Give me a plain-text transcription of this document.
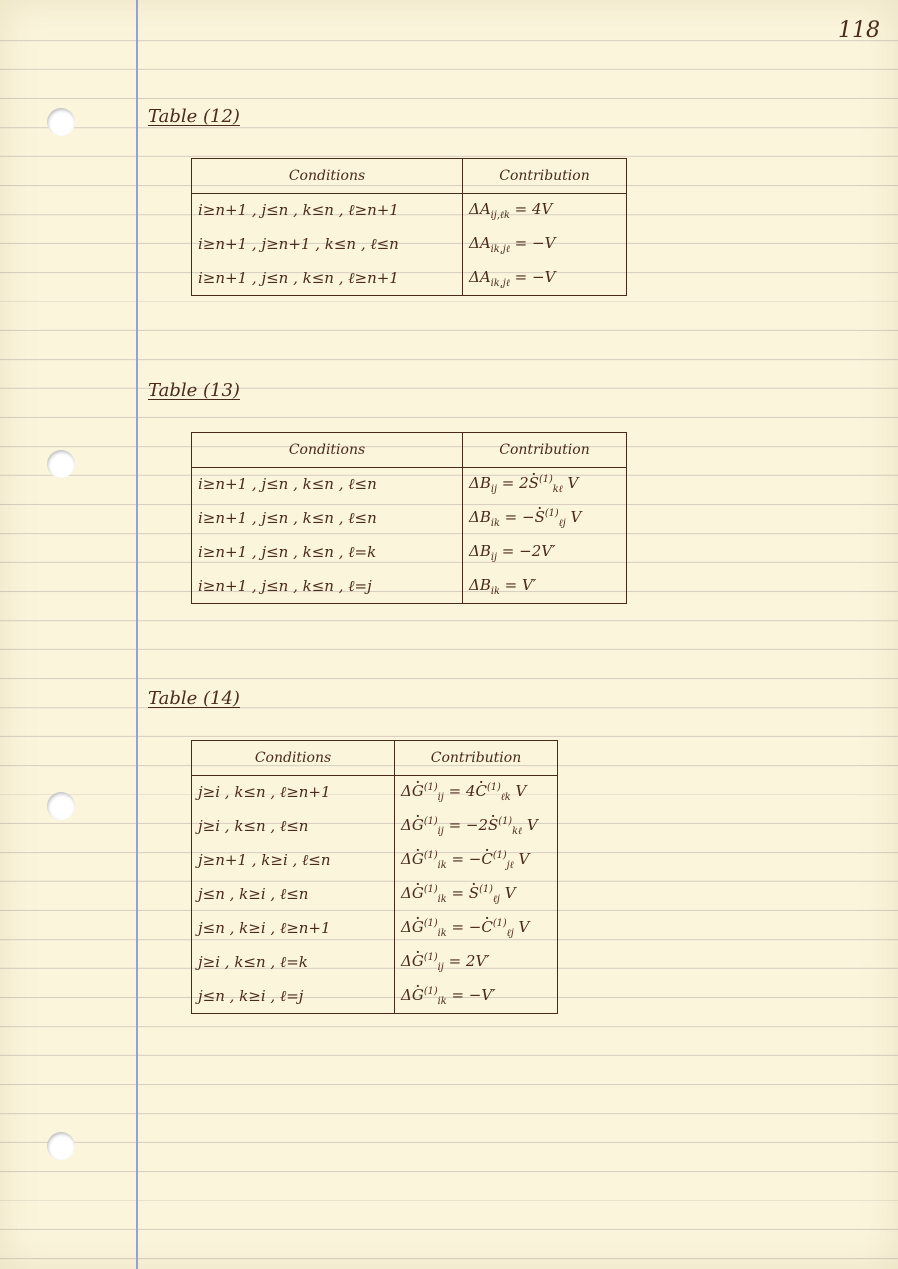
118
Table (12)
Conditions	Contribution
i≥n+1 , j≤n , k≤n , ℓ≥n+1	$\Delta A_{ij,\ell k} = 4V$
i≥n+1 , j≥n+1 , k≤n , ℓ≤n	$\Delta A_{ik,j\ell} = -V$
i≥n+1 , j≤n , k≤n , ℓ≥n+1	$\Delta A_{ik,j\ell} = -V$
Table (13)
Conditions	Contribution
i≥n+1 , j≤n , k≤n , ℓ≤n	$\Delta B_{ij} = 2\cdot S^{(1)}_{k\ell}$ V
i≥n+1 , j≤n , k≤n , ℓ≤n	$\Delta B_{ik}$ = −· $S^{(1)}_{\ell j}$ V
i≥n+1 , j≤n , k≤n , ℓ=k	$\Delta B_{ij} = -2V'$
i≥n+1 , j≤n , k≤n , ℓ=j	$\Delta B_{ik} = V'$
Table (14)
Conditions	Contribution
j≥i , k≤n , ℓ≥n+1	$\Delta\cdot G^{(1)}_{ij} = 4\cdot C^{(1)}_{\ell k}$ V
j≥i , k≤n , ℓ≤n	$\Delta\cdot G^{(1)}_{ij} = -2\cdot S^{(1)}_{k\ell}$ V
j≥n+1 , k≥i , ℓ≤n	$\Delta\cdot G^{(1)}_{ik}$ = −· $C^{(1)}_{j\ell}$ V
j≤n , k≥i , ℓ≤n	$\Delta\cdot G^{(1)}_{ik}$ = · $S^{(1)}_{\ell j}$ V
j≤n , k≥i , ℓ≥n+1	$\Delta\cdot G^{(1)}_{ik}$ = −· $C^{(1)}_{\ell j}$ V
j≥i , k≤n , ℓ=k	$\Delta\cdot G^{(1)}_{ij} = 2V'$
j≤n , k≥i , ℓ=j	$\Delta\cdot G^{(1)}_{ik} = -V'$
